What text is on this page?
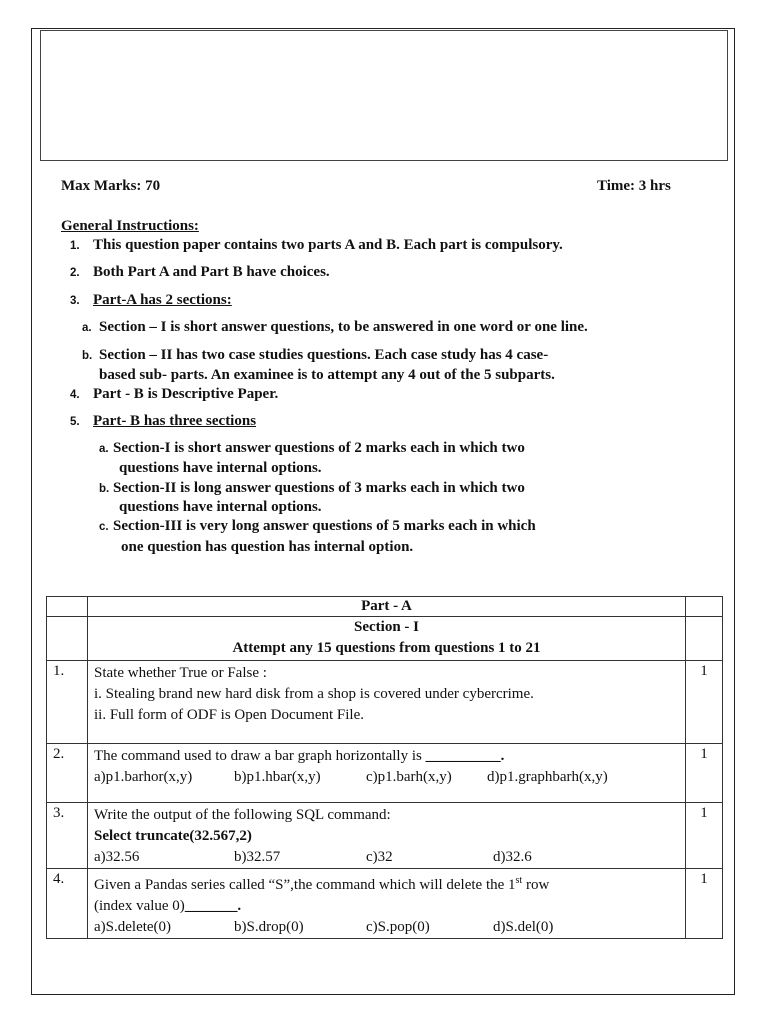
Max Marks: 70	Time: 3 hrs
General Instructions:
1. This question paper contains two parts A and B. Each part is compulsory.
2. Both Part A and Part B have choices.
3. Part-A has 2 sections:
a. Section – I is short answer questions, to be answered in one word or one line.
b. Section – II has two case studies questions. Each case study has 4 case-
based sub- parts. An examinee is to attempt any 4 out of the 5 subparts.
4. Part - B is Descriptive Paper.
5. Part- B has three sections
a. Section-I is short answer questions of 2 marks each in which two
questions have internal options.
b. Section-II is long answer questions of 3 marks each in which two
questions have internal options.
c. Section-III is very long answer questions of 5 marks each in which
one question has question has internal option.
	Part - A	

	Section - I
Attempt any 15 questions from questions 1 to 21	

1.	State whether True or False :
i. Stealing brand new hard disk from a shop is covered under cybercrime.
ii. Full form of ODF is Open Document File.	1
2.	The command used to draw a bar graph horizontally is __________.
a)p1.barhor(x,y) b)p1.hbar(x,y) c)p1.barh(x,y) d)p1.graphbarh(x,y)	1
3.	Write the output of the following SQL command:
Select truncate(32.567,2)
a)32.56 b)32.57 c)32 d)32.6	1
4.	Given a Pandas series called “S”,the command which will delete the 1st row
(index value 0)_______.
a)S.delete(0) b)S.drop(0) c)S.pop(0) d)S.del(0)	1
